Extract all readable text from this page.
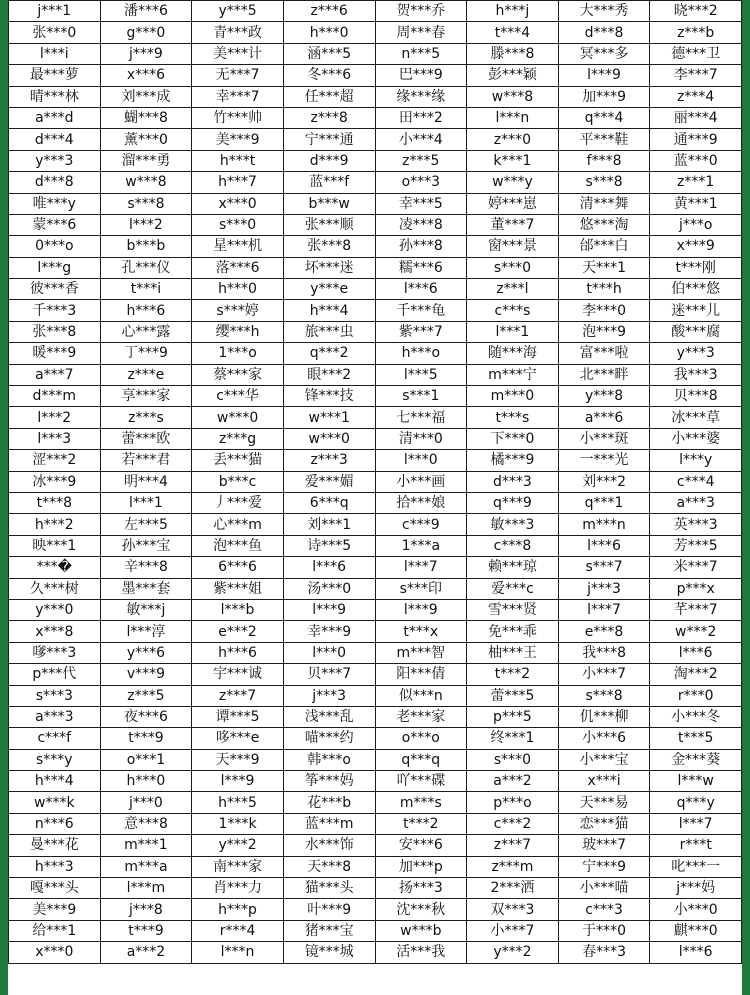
j***1	潘***6	y***5	z***6	贺***乔	h***j	大***秀	晓***2
张***0	g***0	青***政	h***0	周***春	t***4	d***8	z***b
l***i	j***9	美***计	涵***5	n***5	滕***8	冥***多	德***卫
最***萝	x***6	无***7	冬***6	巴***9	彭***颖	l***9	李***7
晴***林	刘***成	幸***7	任***超	缘***缘	w***8	加***9	z***4
a***d	蝴***8	竹***帅	z***8	田***2	l***n	q***4	丽***4
d***4	薰***0	美***9	宁***通	小***4	z***0	平***鞋	通***9
y***3	溜***勇	h***t	d***9	z***5	k***1	f***8	蓝***0
d***8	w***8	h***7	蓝***f	o***3	w***y	s***8	z***1
唯***y	s***8	x***0	b***w	幸***5	婷***崽	清***舞	黄***1
蒙***6	l***2	s***0	张***顺	凌***8	董***7	悠***淘	j***o
0***o	b***b	星***机	张***8	孙***8	窗***景	邰***白	x***9
l***g	孔***仪	落***6	坏***迷	糯***6	s***0	天***1	t***刚
彼***香	t***i	h***0	y***e	l***6	z***l	t***h	伯***悠
千***3	h***6	s***婷	h***4	千***龟	c***s	李***0	迷***儿
张***8	心***露	缨***h	旅***虫	紫***7	l***1	泡***9	酸***腐
暖***9	丁***9	1***o	q***2	h***o	随***海	富***啦	y***3
a***7	z***e	蔡***家	眼***2	l***5	m***宁	北***畔	我***3
d***m	享***家	c***华	锋***技	s***1	m***0	y***8	贝***8
l***2	z***s	w***0	w***1	七***福	t***s	a***6	冰***草
l***3	蕾***欧	z***g	w***0	清***0	下***0	小***斑	小***婆
涩***2	若***君	丢***猫	z***3	l***0	橘***9	一***光	l***y
冰***9	明***4	b***c	爱***媚	小***画	d***3	刘***2	c***4
t***8	l***1	丿***爱	6***q	拾***娘	q***9	q***1	a***3
h***2	左***5	心***m	刘***1	c***9	敏***3	m***n	英***3
映***1	孙***宝	泡***鱼	诗***5	1***a	c***8	l***6	芳***5
***�	辛***8	6***6	l***6	l***7	赖***琼	s***7	米***7
久***树	墨***套	紫***姐	汤***0	s***印	爱***c	j***3	p***x
y***0	敏***j	l***b	l***9	l***9	雪***贤	l***7	芊***7
x***8	l***淳	e***2	幸***9	t***x	免***乖	e***8	w***2
嗲***3	y***6	h***6	l***0	m***智	柚***王	我***8	l***6
p***代	v***9	宇***诚	贝***7	阳***倩	t***2	小***7	淘***2
s***3	z***5	z***7	j***3	似***n	蕾***5	s***8	r***0
a***3	夜***6	谭***5	浅***乱	老***家	p***5	仉***柳	小***冬
c***f	t***9	哆***e	喵***约	o***o	终***1	小***6	t***5
s***y	o***1	天***9	韩***o	q***q	s***0	小***宝	金***葵
h***4	h***0	l***9	筝***妈	吖***碟	a***2	x***i	l***w
w***k	j***0	h***5	花***b	m***s	p***o	天***易	q***y
n***6	意***8	1***k	蓝***m	t***2	c***2	恋***猫	l***7
曼***花	m***1	y***2	水***饰	安***6	z***7	玻***7	r***t
h***3	m***a	南***家	天***8	加***p	z***m	宁***9	叱***一
嘎***头	l***m	肖***力	猫***头	扬***3	2***洒	小***喵	j***妈
美***9	j***8	h***p	叶***9	沈***秋	双***3	c***3	小***0
给***1	t***9	r***4	猪***宝	w***b	小***7	于***0	麒***0
x***0	a***2	l***n	镜***城	活***我	y***2	春***3	l***6
